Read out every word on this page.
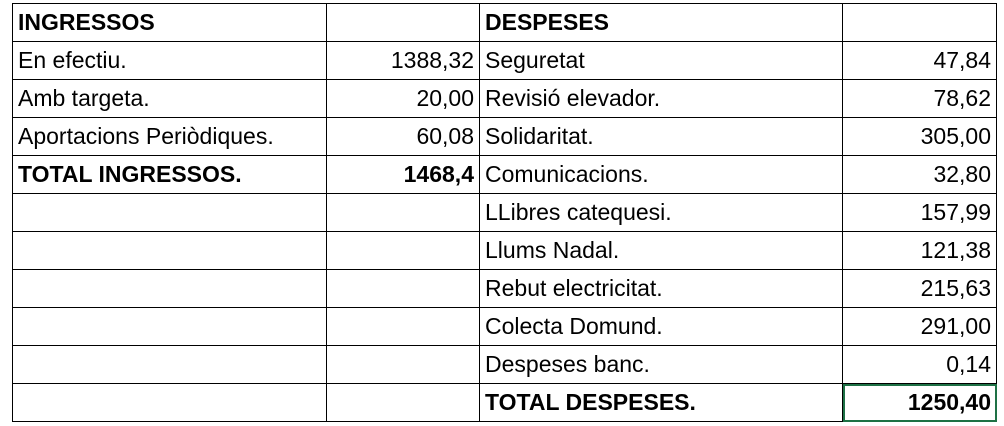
INGRESSOS		DESPESES	
En efectiu.	1388,32	Seguretat	47,84
Amb targeta.	20,00	Revisió elevador.	78,62
Aportacions Periòdiques.	60,08	Solidaritat.	305,00
TOTAL INGRESSOS.	1468,4	Comunicacions.	32,80
		LLibres catequesi.	157,99
		Llums Nadal.	121,38
		Rebut electricitat.	215,63
		Colecta Domund.	291,00
		Despeses banc.	0,14
		TOTAL DESPESES.	1250,40
